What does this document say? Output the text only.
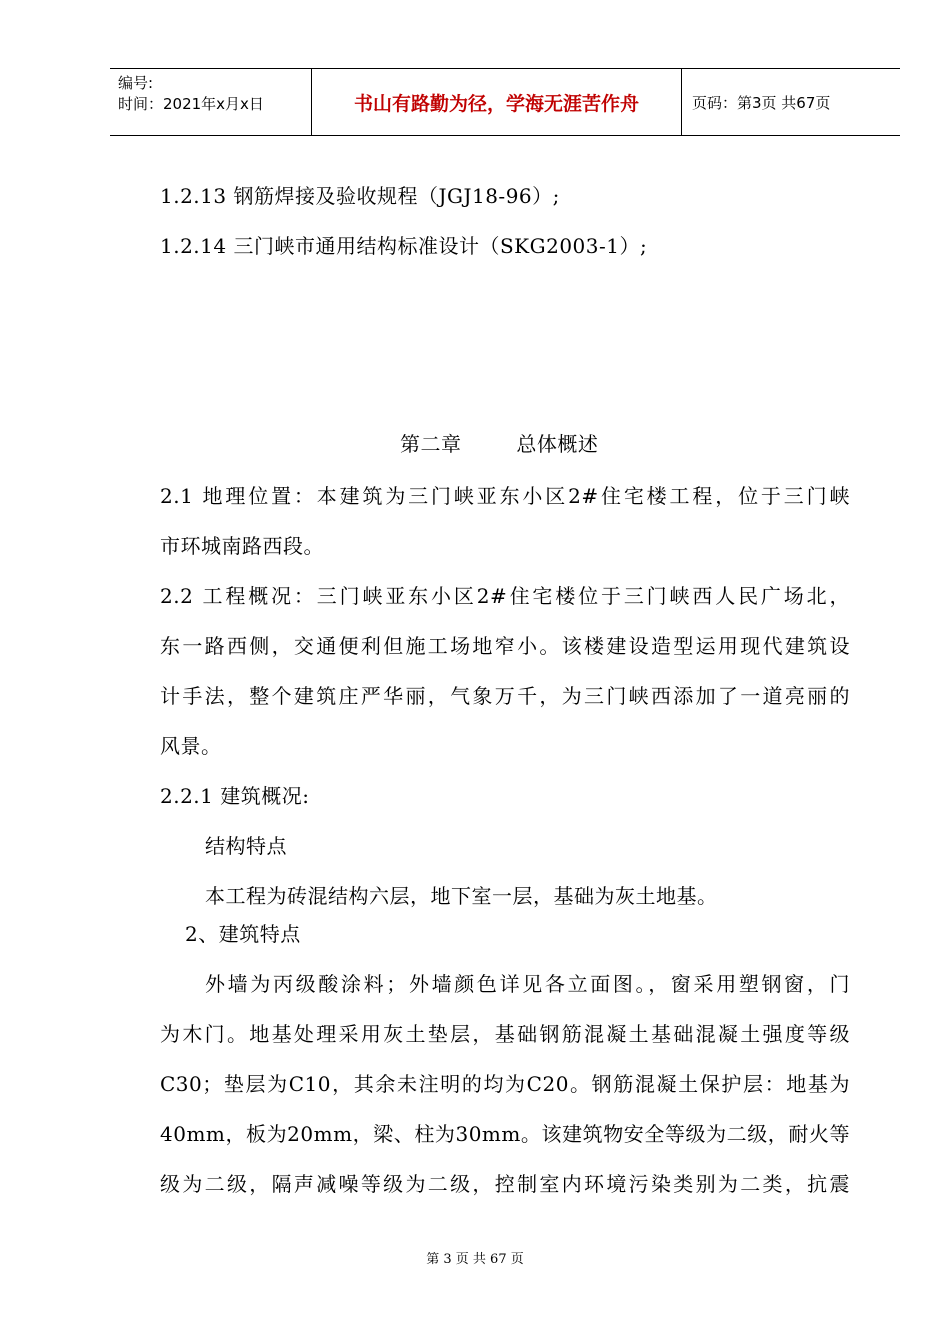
编号:
时间：2021年x月x日	书山有路勤为径，学海无涯苦作舟	页码：第3页 共67页
1.2.13 钢筋焊接及验收规程（JGJ18-96）;
1.2.14 三门峡市通用结构标准设计（SKG2003-1）;
第二章        总体概述
2.1 地理位置：本建筑为三门峡亚东小区2#住宅楼工程，位于三门峡
市环城南路西段。
2.2 工程概况：三门峡亚东小区2#住宅楼位于三门峡西人民广场北，
东一路西侧，交通便利但施工场地窄小。该楼建设造型运用现代建筑设
计手法，整个建筑庄严华丽，气象万千，为三门峡西添加了一道亮丽的
风景。
2.2.1 建筑概况:
结构特点
本工程为砖混结构六层，地下室一层，基础为灰土地基。
2、建筑特点
外墙为丙级酸涂料；外墙颜色详见各立面图。，窗采用塑钢窗，门
为木门。地基处理采用灰土垫层，基础钢筋混凝土基础混凝土强度等级
C30；垫层为C10，其余未注明的均为C20。钢筋混凝土保护层：地基为
40mm，板为20mm，梁、柱为30mm。该建筑物安全等级为二级，耐火等
级为二级，隔声减噪等级为二级，控制室内环境污染类别为二类，抗震
第 3 页 共 67 页
